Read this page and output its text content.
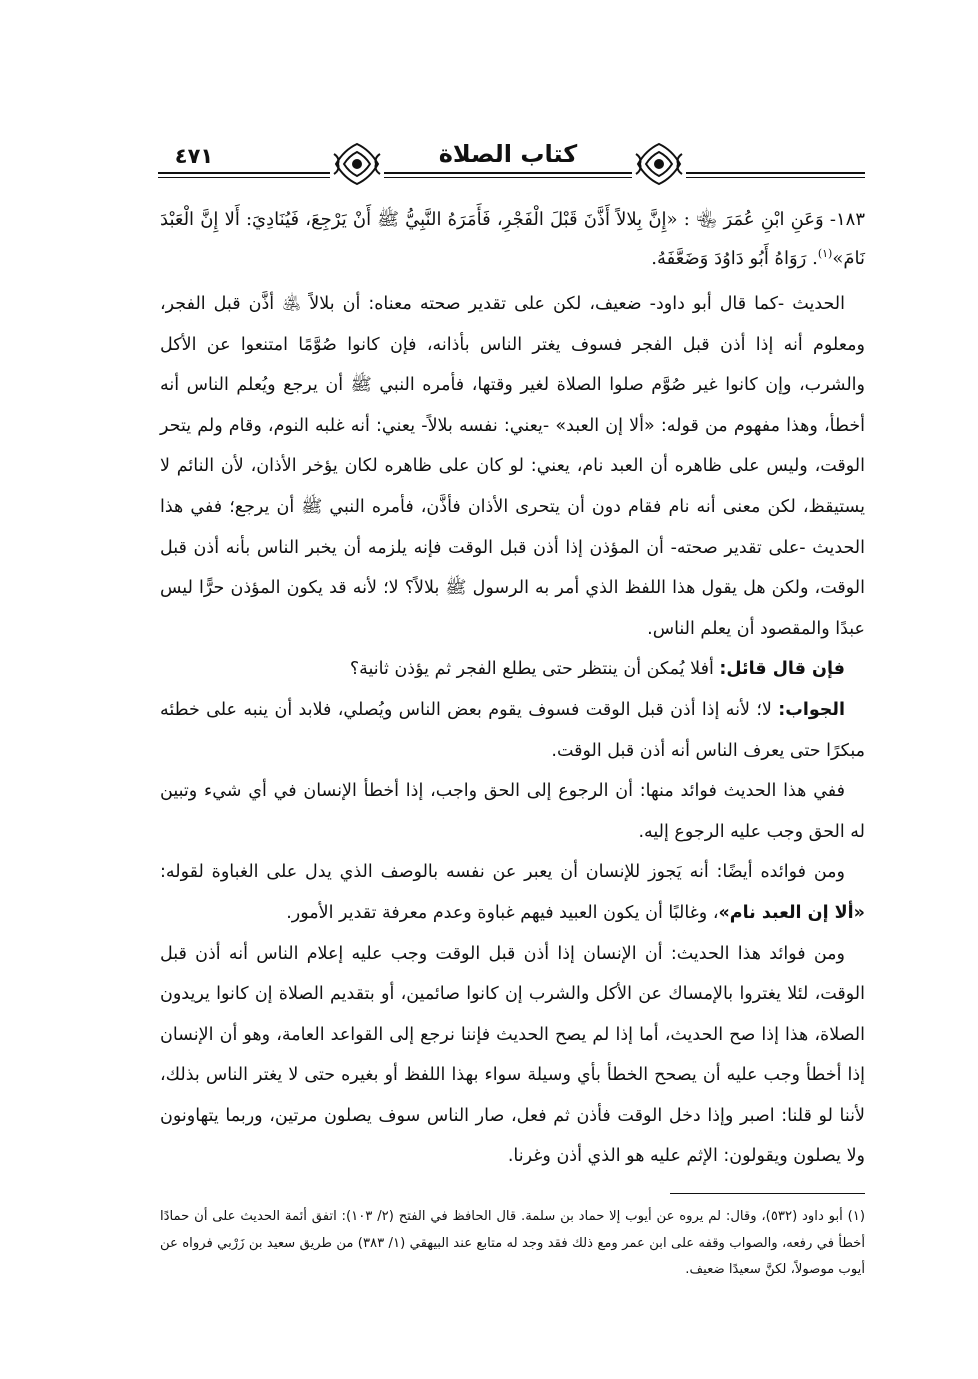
٤٧١	كتاب الصلاة

١٨٣- وَعَنِ ابْنِ عُمَرَ ﵄ : «إِنَّ بِلالاً أَذَّنَ قَبْلَ الْفَجْرِ، فَأَمَرَهُ النَّبِيُّ ﷺ أَنْ يَرْجِعَ، فَيُنَادِيَ: أَلا إِنَّ الْعَبْدَ نَامَ»$^{(١)}$. رَوَاهُ أَبُو دَاوُدَ وَضَعَّفَهُ.

الحديث -كما قال أبو داود- ضعيف، لكن على تقدير صحته معناه: أن بلالاً ﵁ أذَّن قبل الفجر، ومعلوم أنه إذا أذن قبل الفجر فسوف يغتر الناس بأذانه، فإن كانوا صُوَّمًا امتنعوا عن الأكل والشرب، وإن كانوا غير صُوَّم صلوا الصلاة لغير وقتها، فأمره النبي ﷺ أن يرجع ويُعلم الناس أنه أخطأ، وهذا مفهوم من قوله: «ألا إن العبد» -يعني: نفسه بلالاً- يعني: أنه غلبه النوم، وقام ولم يتحر الوقت، وليس على ظاهره أن العبد نام، يعني: لو كان على ظاهره لكان يؤخر الأذان، لأن النائم لا يستيقظ، لكن معنى أنه نام فقام دون أن يتحرى الأذان فأذَّن، فأمره النبي ﷺ أن يرجع؛ ففي هذا الحديث -على تقدير صحته- أن المؤذن إذا أذن قبل الوقت فإنه يلزمه أن يخبر الناس بأنه أذن قبل الوقت، ولكن هل يقول هذا اللفظ الذي أمر به الرسول ﷺ بلالاً؟ لا؛ لأنه قد يكون المؤذن حرًّا ليس عبدًا والمقصود أن يعلم الناس.

فإن قال قائل: أفلا يُمكن أن ينتظر حتى يطلع الفجر ثم يؤذن ثانية؟

الجواب: لا؛ لأنه إذا أذن قبل الوقت فسوف يقوم بعض الناس ويُصلي، فلابد أن ينبه على خطئه مبكرًا حتى يعرف الناس أنه أذن قبل الوقت.

ففي هذا الحديث فوائد منها: أن الرجوع إلى الحق واجب، إذا أخطأ الإنسان في أي شيء وتبين له الحق وجب عليه الرجوع إليه.

ومن فوائده أيضًا: أنه يَجوز للإنسان أن يعبر عن نفسه بالوصف الذي يدل على الغباوة لقوله: «ألا إن العبد نام»، وغالبًا أن يكون العبيد فيهم غباوة وعدم معرفة تقدير الأمور.

ومن فوائد هذا الحديث: أن الإنسان إذا أذن قبل الوقت وجب عليه إعلام الناس أنه أذن قبل الوقت، لئلا يغتروا بالإمساك عن الأكل والشرب إن كانوا صائمين، أو بتقديم الصلاة إن كانوا يريدون الصلاة، هذا إذا صح الحديث، أما إذا لم يصح الحديث فإننا نرجع إلى القواعد العامة، وهو أن الإنسان إذا أخطأ وجب عليه أن يصحح الخطأ بأي وسيلة سواء بهذا اللفظ أو بغيره حتى لا يغتر الناس بذلك، لأننا لو قلنا: اصبر وإذا دخل الوقت فأذن ثم فعل، صار الناس سوف يصلون مرتين، وربما يتهاونون ولا يصلون ويقولون: الإثم عليه هو الذي أذن وغرنا.

(١) أبو داود (٥٣٢)، وقال: لم يروه عن أيوب إلا حماد بن سلمة. قال الحافظ في الفتح (٢/ ١٠٣): اتفق أئمة الحديث على أن حمادًا أخطأ في رفعه، والصواب وقفه على ابن عمر ومع ذلك فقد وجد له متابع عند البيهقي (١/ ٣٨٣) من طريق سعيد بن زَرْبي فرواه عن أيوب موصولاً، لكنَّ سعيدًا ضعيف.
